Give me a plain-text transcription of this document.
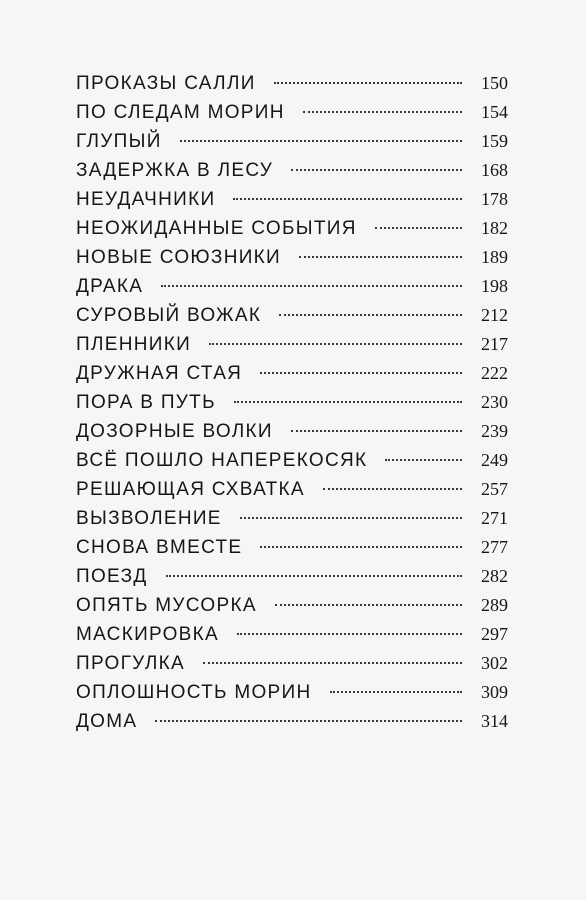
ПРОКАЗЫ САЛЛИ	150
ПО СЛЕДАМ МОРИН	154
ГЛУПЫЙ	159
ЗАДЕРЖКА В ЛЕСУ	168
НЕУДАЧНИКИ	178
НЕОЖИДАННЫЕ СОБЫТИЯ	182
НОВЫЕ СОЮЗНИКИ	189
ДРАКА	198
СУРОВЫЙ ВОЖАК	212
ПЛЕННИКИ	217
ДРУЖНАЯ СТАЯ	222
ПОРА В ПУТЬ	230
ДОЗОРНЫЕ ВОЛКИ	239
ВСЁ ПОШЛО НАПЕРЕКОСЯК	249
РЕШАЮЩАЯ СХВАТКА	257
ВЫЗВОЛЕНИЕ	271
СНОВА ВМЕСТЕ	277
ПОЕЗД	282
ОПЯТЬ МУСОРКА	289
МАСКИРОВКА	297
ПРОГУЛКА	302
ОПЛОШНОСТЬ МОРИН	309
ДОМА	314
